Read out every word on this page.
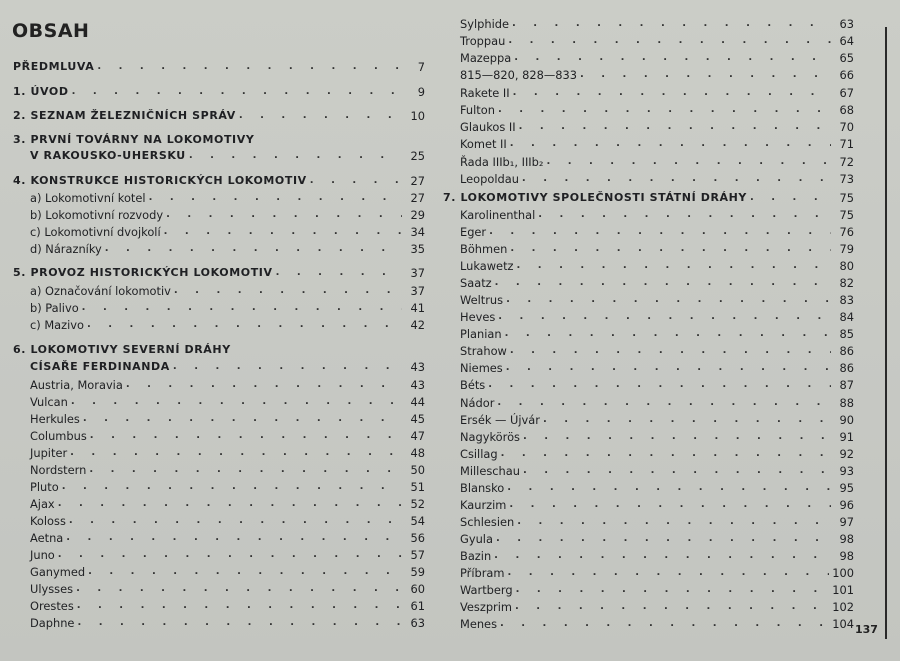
OBSAH
PŘEDMLUVA . . .	7
1. ÚVOD . . .	9
2. SEZNAM ŽELEZNIČNÍCH SPRÁV . . .	10
3. PRVNÍ TOVÁRNY NA LOKOMOTIVY
V RAKOUSKO-UHERSKU . . .	25
4. KONSTRUKCE HISTORICKÝCH LOKOMOTIV . . .	27
a) Lokomotivní kotel . . .	27
b) Lokomotivní rozvody . . .	29
c) Lokomotivní dvojkolí . . .	34
d) Nárazníky . . .	35
5. PROVOZ HISTORICKÝCH LOKOMOTIV . . .	37
a) Označování lokomotiv . . .	37
b) Palivo . . .	41
c) Mazivo . . .	42
6. LOKOMOTIVY SEVERNÍ DRÁHY
CÍSAŘE FERDINANDA . . .	43
Austria, Moravia . . .	43
Vulcan . . .	44
Herkules . . .	45
Columbus . . .	47
Jupiter . . .	48
Nordstern . . .	50
Pluto . . .	51
Ajax . . .	52
Koloss . . .	54
Aetna . . .	56
Juno . . .	57
Ganymed . . .	59
Ulysses . . .	60
Orestes . . .	61
Daphne . . .	63
Sylphide . . .	63
Troppau . . .	64
Mazeppa . . .	65
815—820, 828—833 . . .	66
Rakete II . . .	67
Fulton . . .	68
Glaukos II . . .	70
Komet II . . .	71
Řada IIIb₁, IIIb₂ . . .	72
Leopoldau . . .	73
7. LOKOMOTIVY SPOLEČNOSTI STÁTNÍ DRÁHY . . .	75
Karolinenthal . . .	75
Eger . . .	76
Böhmen . . .	79
Lukawetz . . .	80
Saatz . . .	82
Weltrus . . .	83
Heves . . .	84
Planian . . .	85
Strahow . . .	86
Niemes . . .	86
Béts . . .	87
Nádor . . .	88
Ersék — Újvár . . .	90
Nagykörös . . .	91
Csillag . . .	92
Milleschau . . .	93
Blansko . . .	95
Kaurzim . . .	96
Schlesien . . .	97
Gyula . . .	98
Bazin . . .	98
Příbram . . .	100
Wartberg . . .	101
Veszprim . . .	102
Menes . . .	104 137
